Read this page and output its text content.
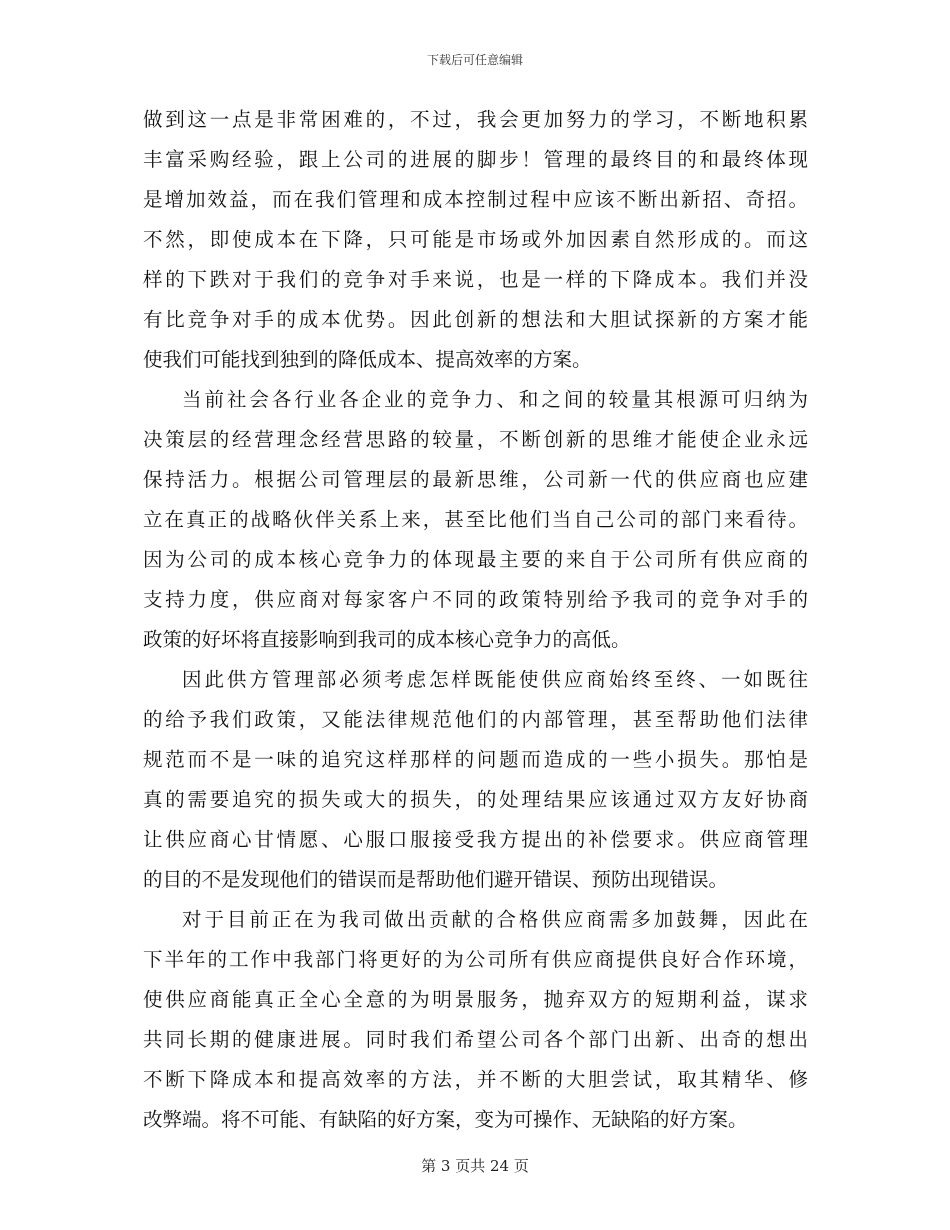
下载后可任意编辑
做到这一点是非常困难的，不过，我会更加努力的学习，不断地积累
丰富采购经验，跟上公司的进展的脚步！管理的最终目的和最终体现
是增加效益，而在我们管理和成本控制过程中应该不断出新招、奇招。
不然，即使成本在下降，只可能是市场或外加因素自然形成的。而这
样的下跌对于我们的竞争对手来说，也是一样的下降成本。我们并没
有比竞争对手的成本优势。因此创新的想法和大胆试探新的方案才能
使我们可能找到独到的降低成本、提高效率的方案。
当前社会各行业各企业的竞争力、和之间的较量其根源可归纳为
决策层的经营理念经营思路的较量，不断创新的思维才能使企业永远
保持活力。根据公司管理层的最新思维，公司新一代的供应商也应建
立在真正的战略伙伴关系上来，甚至比他们当自己公司的部门来看待。
因为公司的成本核心竞争力的体现最主要的来自于公司所有供应商的
支持力度，供应商对每家客户不同的政策特别给予我司的竞争对手的
政策的好坏将直接影响到我司的成本核心竞争力的高低。
因此供方管理部必须考虑怎样既能使供应商始终至终、一如既往
的给予我们政策，又能法律规范他们的内部管理，甚至帮助他们法律
规范而不是一味的追究这样那样的问题而造成的一些小损失。那怕是
真的需要追究的损失或大的损失，的处理结果应该通过双方友好协商
让供应商心甘情愿、心服口服接受我方提出的补偿要求。供应商管理
的目的不是发现他们的错误而是帮助他们避开错误、预防出现错误。
对于目前正在为我司做出贡献的合格供应商需多加鼓舞，因此在
下半年的工作中我部门将更好的为公司所有供应商提供良好合作环境，
使供应商能真正全心全意的为明景服务，抛弃双方的短期利益，谋求
共同长期的健康进展。同时我们希望公司各个部门出新、出奇的想出
不断下降成本和提高效率的方法，并不断的大胆尝试，取其精华、修
改弊端。将不可能、有缺陷的好方案，变为可操作、无缺陷的好方案。
第 3 页共 24 页
